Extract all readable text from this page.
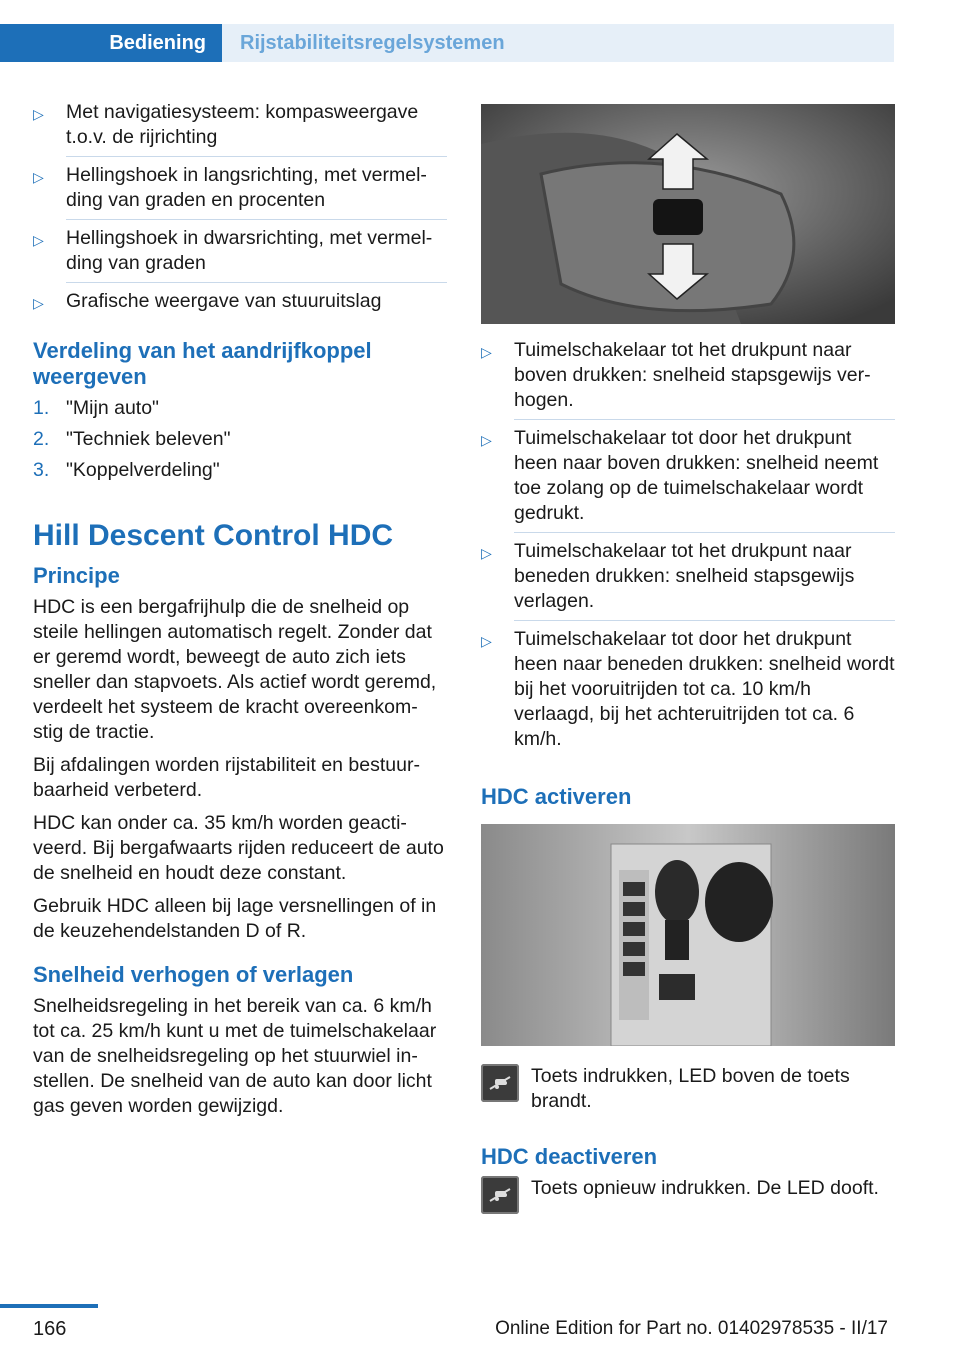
Bediening	Rijstabiliteitsregelsystemen
▷ Met navigatiesysteem: kompasweergave t.o.v. de rijrichting
▷ Hellingshoek in langsrichting, met vermel-ding van graden en procenten
▷ Hellingshoek in dwarsrichting, met vermel-ding van graden
▷ Grafische weergave van stuuruitslag
Verdeling van het aandrijfkoppel weergeven
1. "Mijn auto"
2. "Techniek beleven"
3. "Koppelverdeling"
Hill Descent Control HDC
Principe

HDC is een bergafrijhulp die de snelheid op steile hellingen automatisch regelt. Zonder dat er geremd wordt, beweegt de auto zich iets sneller dan stapvoets. Als actief wordt geremd, verdeelt het systeem de kracht overeenkom-stig de tractie.

Bij afdalingen worden rijstabiliteit en bestuur-baarheid verbeterd.

HDC kan onder ca. 35 km/h worden geacti-veerd. Bij bergafwaarts rijden reduceert de auto de snelheid en houdt deze constant.

Gebruik HDC alleen bij lage versnellingen of in de keuzehendelstanden D of R.

Snelheid verhogen of verlagen

Snelheidsregeling in het bereik van ca. 6 km/h tot ca. 25 km/h kunt u met de tuimelschakelaar van de snelheidsregeling op het stuurwiel in-stellen. De snelheid van de auto kan door licht gas geven worden gewijzigd.

▷ Tuimelschakelaar tot het drukpunt naar boven drukken: snelheid stapsgewijs ver-hogen.
▷ Tuimelschakelaar tot door het drukpunt heen naar boven drukken: snelheid neemt toe zolang op de tuimelschakelaar wordt gedrukt.
▷ Tuimelschakelaar tot het drukpunt naar beneden drukken: snelheid stapsgewijs verlagen.
▷ Tuimelschakelaar tot door het drukpunt heen naar beneden drukken: snelheid wordt bij het vooruitrijden tot ca. 10 km/h verlaagd, bij het achteruitrijden tot ca. 6 km/h.
HDC activeren

Toets indrukken, LED boven de toets brandt.

HDC deactiveren

Toets opnieuw indrukken. De LED dooft.

166	Online Edition for Part no. 01402978535 - II/17
